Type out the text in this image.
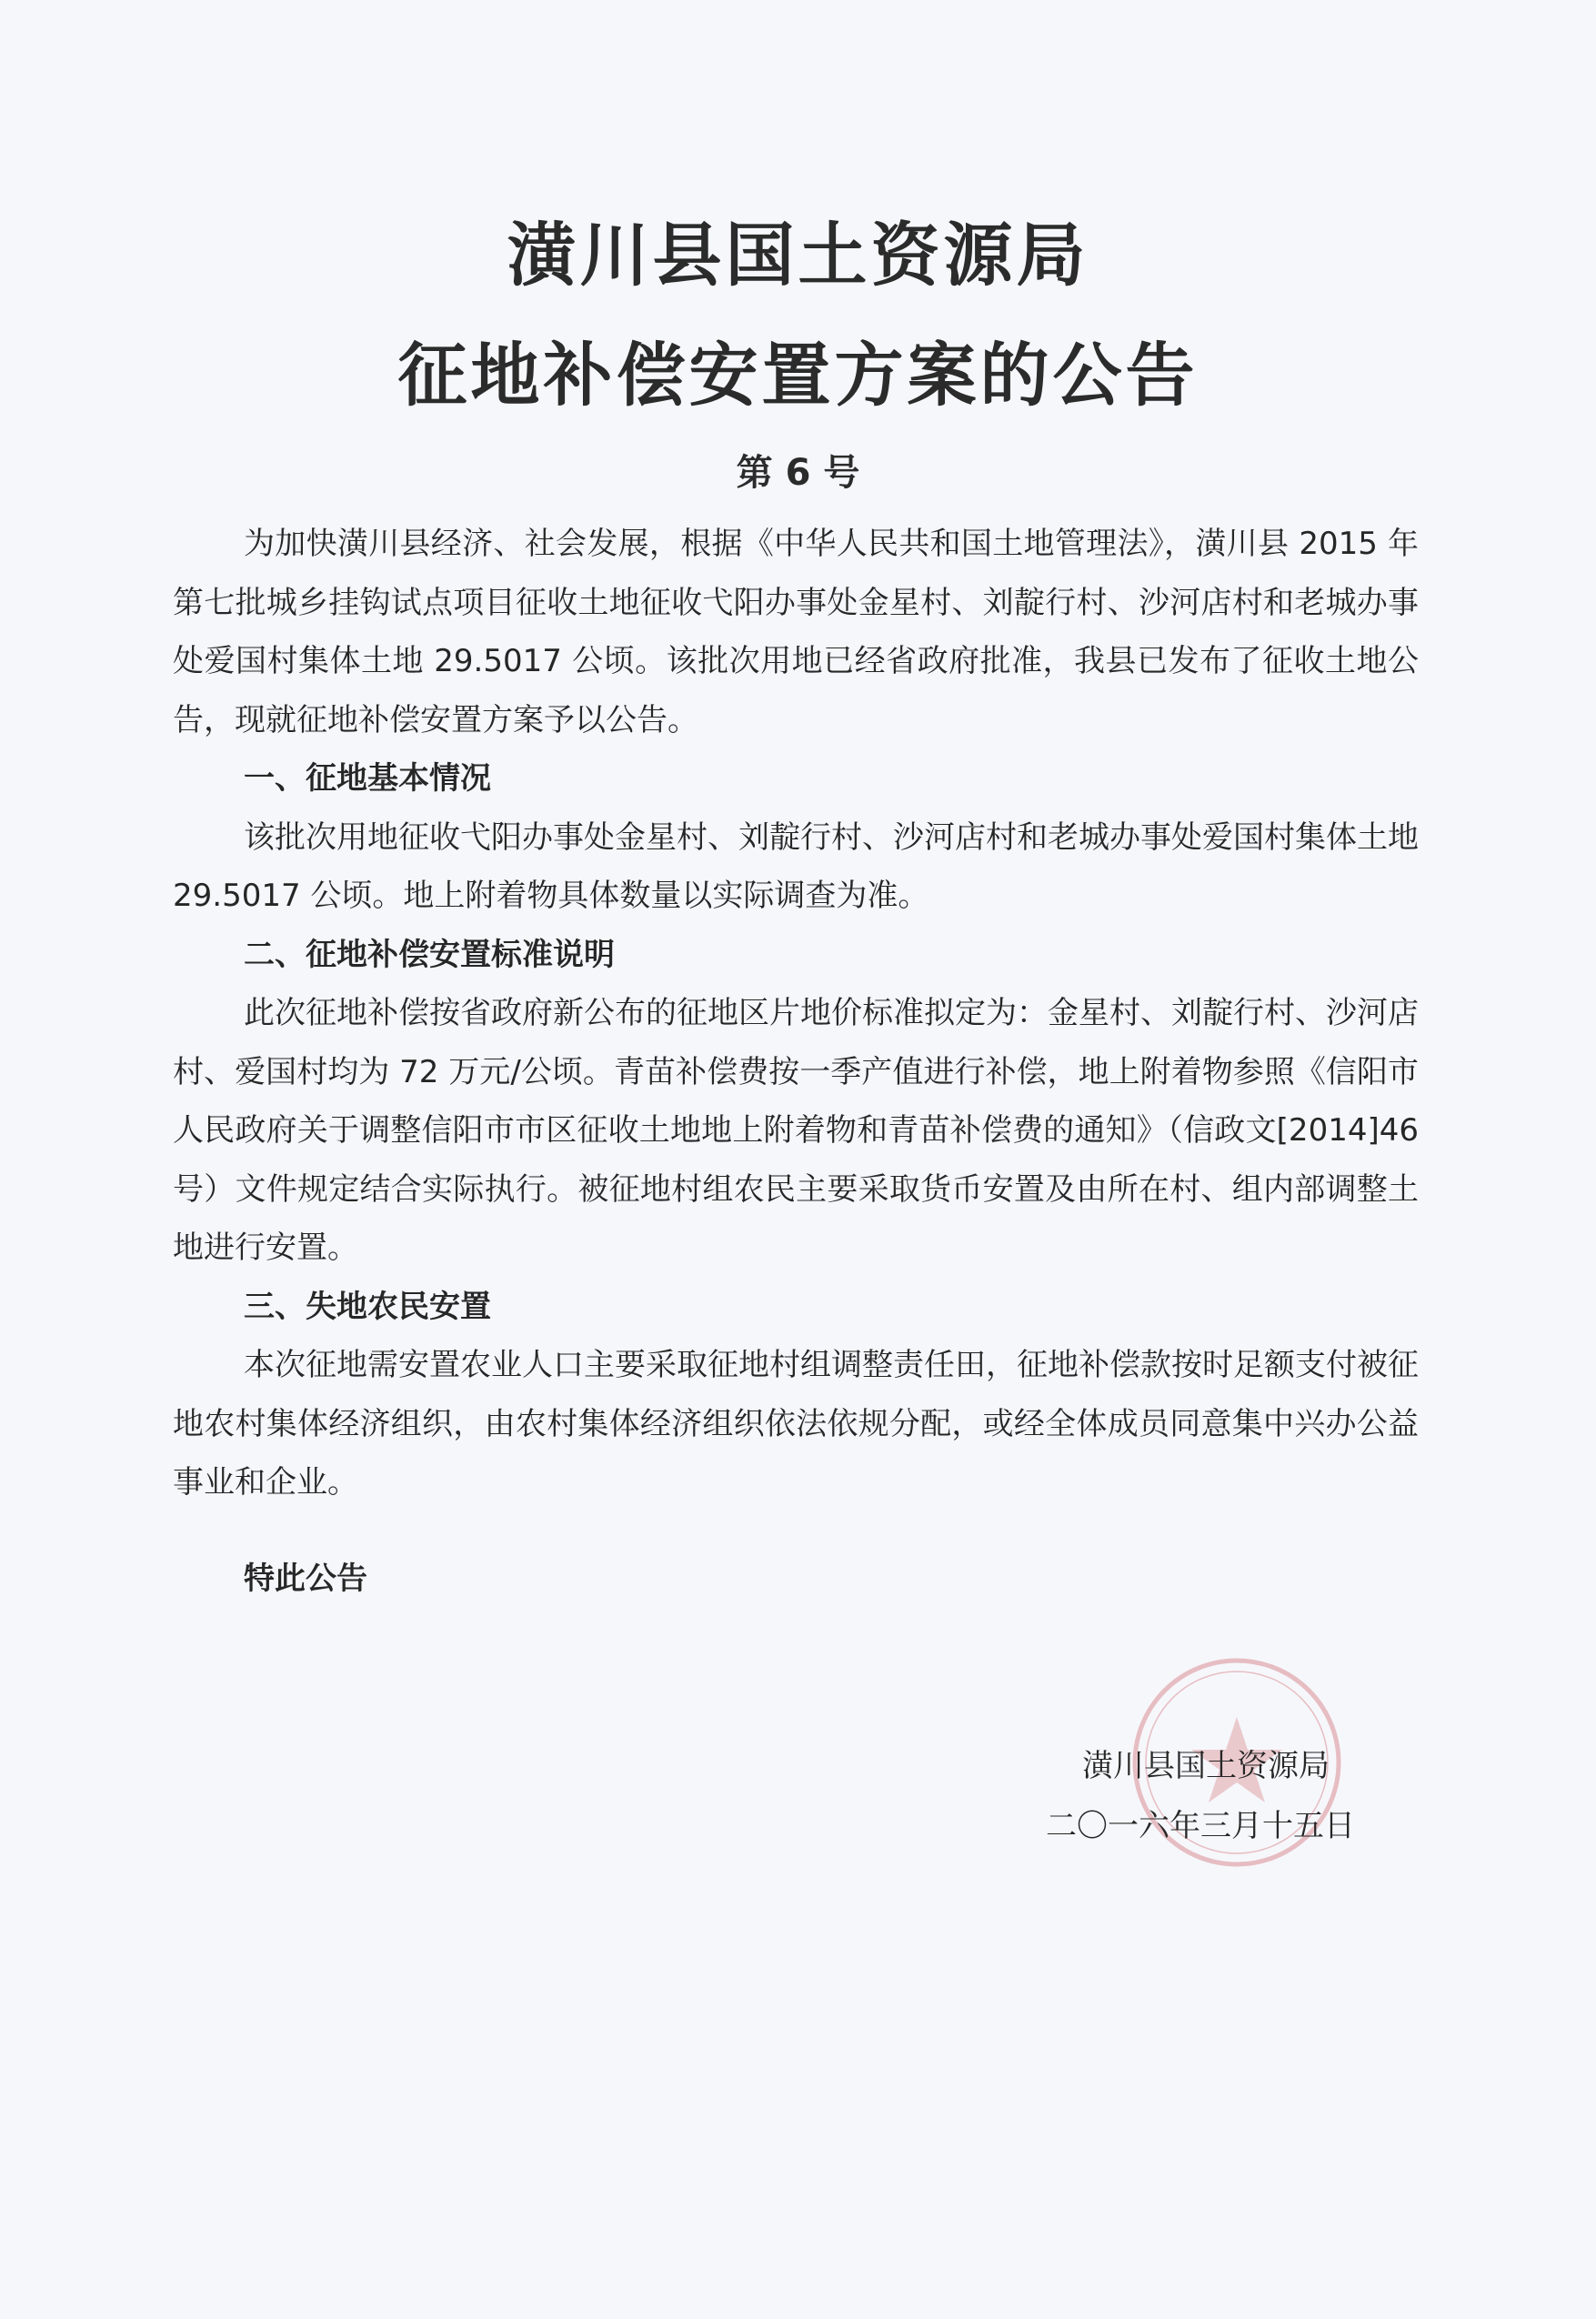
潢川县国土资源局
征地补偿安置方案的公告
第 6 号

为加快潢川县经济、社会发展，根据《中华人民共和国土地管理法》，潢川县 2015 年第七批城乡挂钩试点项目征收土地征收弋阳办事处金星村、刘靛行村、沙河店村和老城办事处爱国村集体土地 29.5017 公顷。该批次用地已经省政府批准，我县已发布了征收土地公告，现就征地补偿安置方案予以公告。

一、征地基本情况

该批次用地征收弋阳办事处金星村、刘靛行村、沙河店村和老城办事处爱国村集体土地 29.5017 公顷。地上附着物具体数量以实际调查为准。

二、征地补偿安置标准说明

此次征地补偿按省政府新公布的征地区片地价标准拟定为：金星村、刘靛行村、沙河店村、爱国村均为 72 万元/公顷。青苗补偿费按一季产值进行补偿，地上附着物参照《信阳市人民政府关于调整信阳市市区征收土地地上附着物和青苗补偿费的通知》（信政文[2014]46 号）文件规定结合实际执行。被征地村组农民主要采取货币安置及由所在村、组内部调整土地进行安置。

三、失地农民安置

本次征地需安置农业人口主要采取征地村组调整责任田，征地补偿款按时足额支付被征地农村集体经济组织，由农村集体经济组织依法依规分配，或经全体成员同意集中兴办公益事业和企业。

特此公告
潢川县国土资源局
二〇一六年三月十五日
